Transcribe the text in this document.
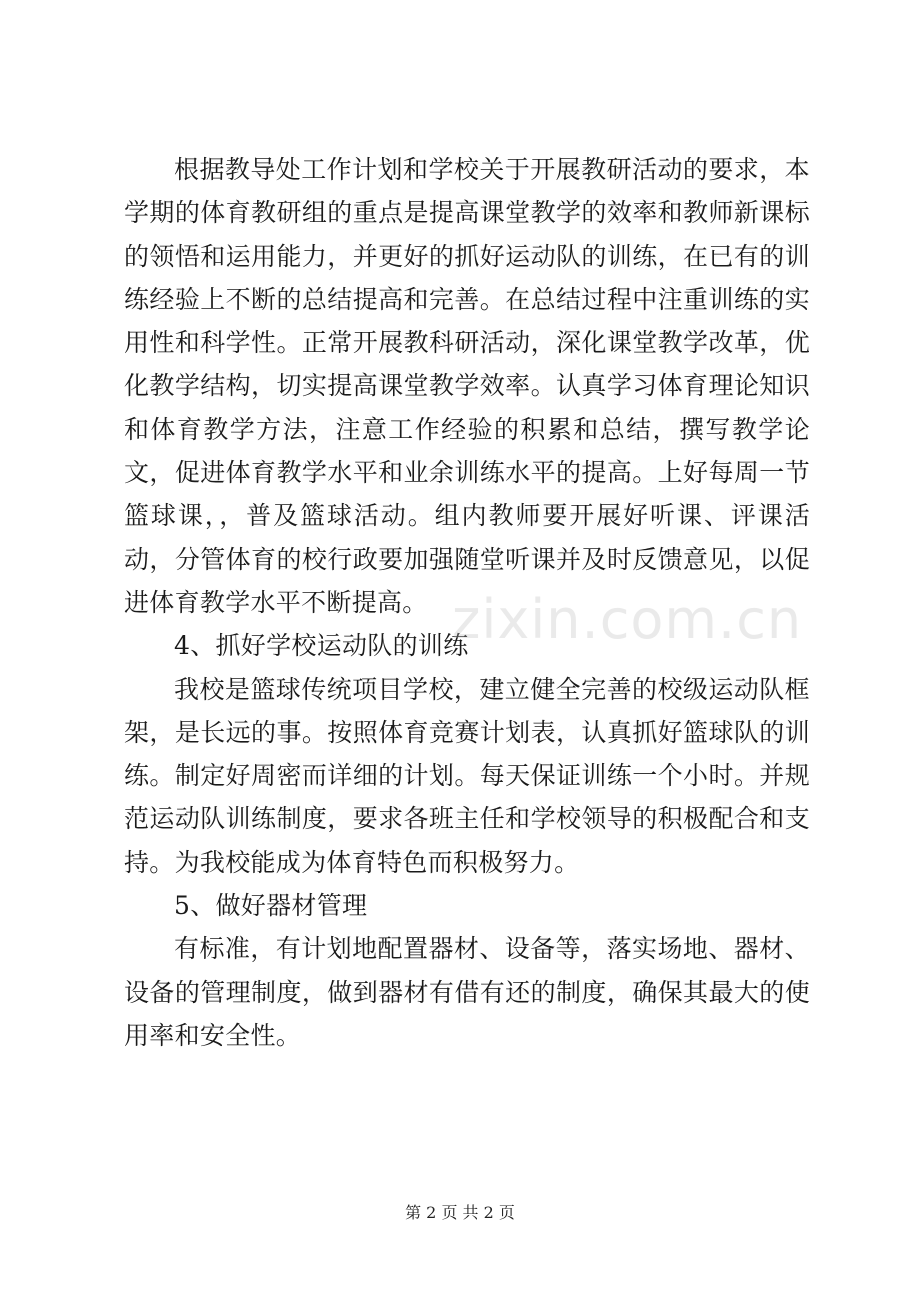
根据教导处工作计划和学校关于开展教研活动的要求，本学期的体育教研组的重点是提高课堂教学的效率和教师新课标的领悟和运用能力，并更好的抓好运动队的训练，在已有的训练经验上不断的总结提高和完善。在总结过程中注重训练的实用性和科学性。正常开展教科研活动，深化课堂教学改革，优化教学结构，切实提高课堂教学效率。认真学习体育理论知识和体育教学方法，注意工作经验的积累和总结，撰写教学论文，促进体育教学水平和业余训练水平的提高。上好每周一节篮球课，，普及篮球活动。组内教师要开展好听课、评课活动，分管体育的校行政要加强随堂听课并及时反馈意见，以促进体育教学水平不断提高。

4、抓好学校运动队的训练

我校是篮球传统项目学校，建立健全完善的校级运动队框架，是长远的事。按照体育竞赛计划表，认真抓好篮球队的训练。制定好周密而详细的计划。每天保证训练一个小时。并规范运动队训练制度，要求各班主任和学校领导的积极配合和支持。为我校能成为体育特色而积极努力。

5、做好器材管理

有标准，有计划地配置器材、设备等，落实场地、器材、设备的管理制度，做到器材有借有还的制度，确保其最大的使用率和安全性。

zixin.com.cn
第 2 页 共 2 页
